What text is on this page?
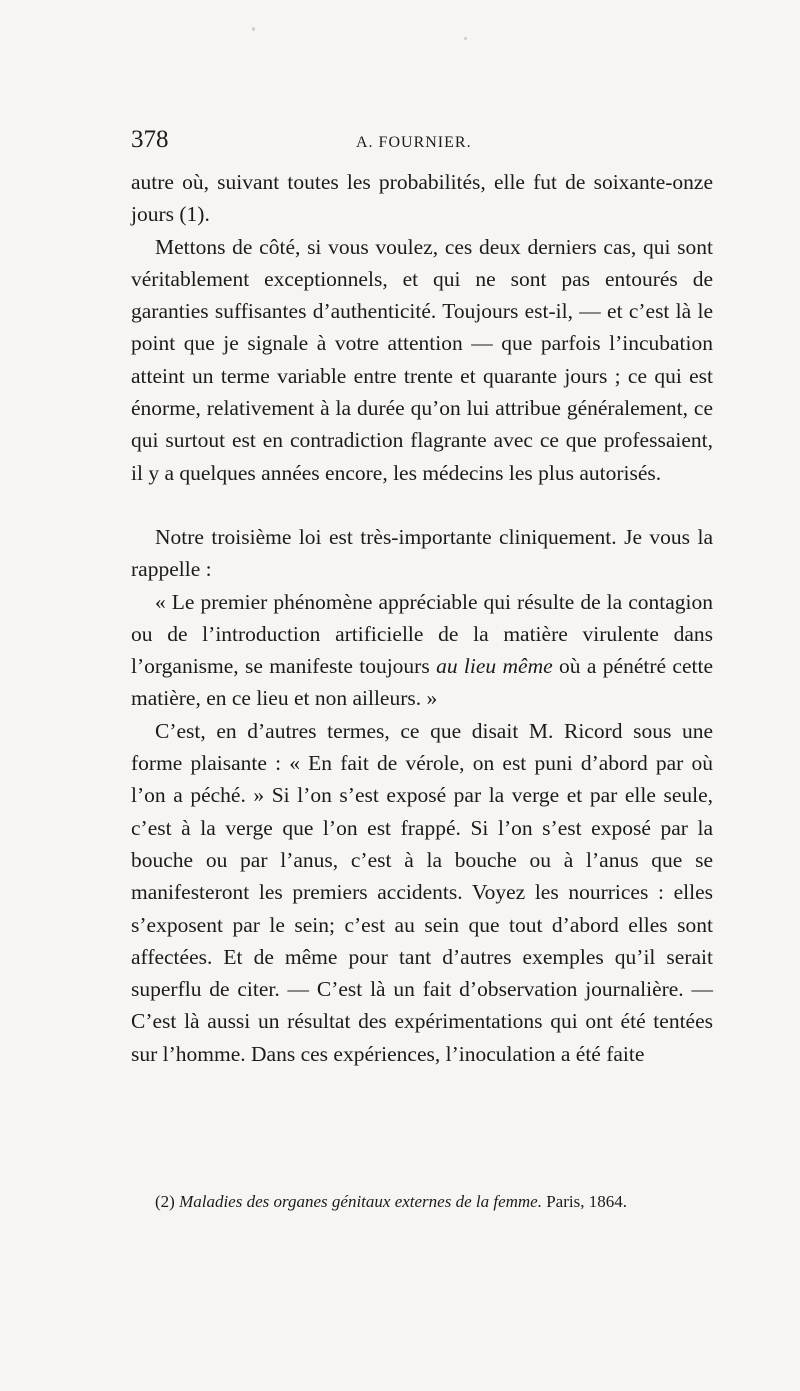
378	A. FOURNIER.

autre où, suivant toutes les probabilités, elle fut de soixante-onze jours (1).

Mettons de côté, si vous voulez, ces deux derniers cas, qui sont véritablement exceptionnels, et qui ne sont pas entourés de garanties suffisantes d’authenticité. Toujours est-il, — et c’est là le point que je signale à votre attention — que parfois l’incubation atteint un terme variable entre trente et quarante jours ; ce qui est énorme, relativement à la durée qu’on lui attribue généralement, ce qui surtout est en contradiction flagrante avec ce que professaient, il y a quelques années encore, les médecins les plus autorisés.

Notre troisième loi est très-importante cliniquement. Je vous la rappelle :

« Le premier phénomène appréciable qui résulte de la contagion ou de l’introduction artificielle de la matière virulente dans l’organisme, se manifeste toujours au lieu même où a pénétré cette matière, en ce lieu et non ailleurs. »

C’est, en d’autres termes, ce que disait M. Ricord sous une forme plaisante : « En fait de vérole, on est puni d’abord par où l’on a péché. » Si l’on s’est exposé par la verge et par elle seule, c’est à la verge que l’on est frappé. Si l’on s’est exposé par la bouche ou par l’anus, c’est à la bouche ou à l’anus que se manifesteront les premiers accidents. Voyez les nourrices : elles s’exposent par le sein; c’est au sein que tout d’abord elles sont affectées. Et de même pour tant d’autres exemples qu’il serait superflu de citer. — C’est là un fait d’observation journalière. — C’est là aussi un résultat des expérimentations qui ont été tentées sur l’homme. Dans ces expériences, l’inoculation a été faite

(2) Maladies des organes génitaux externes de la femme. Paris, 1864.
